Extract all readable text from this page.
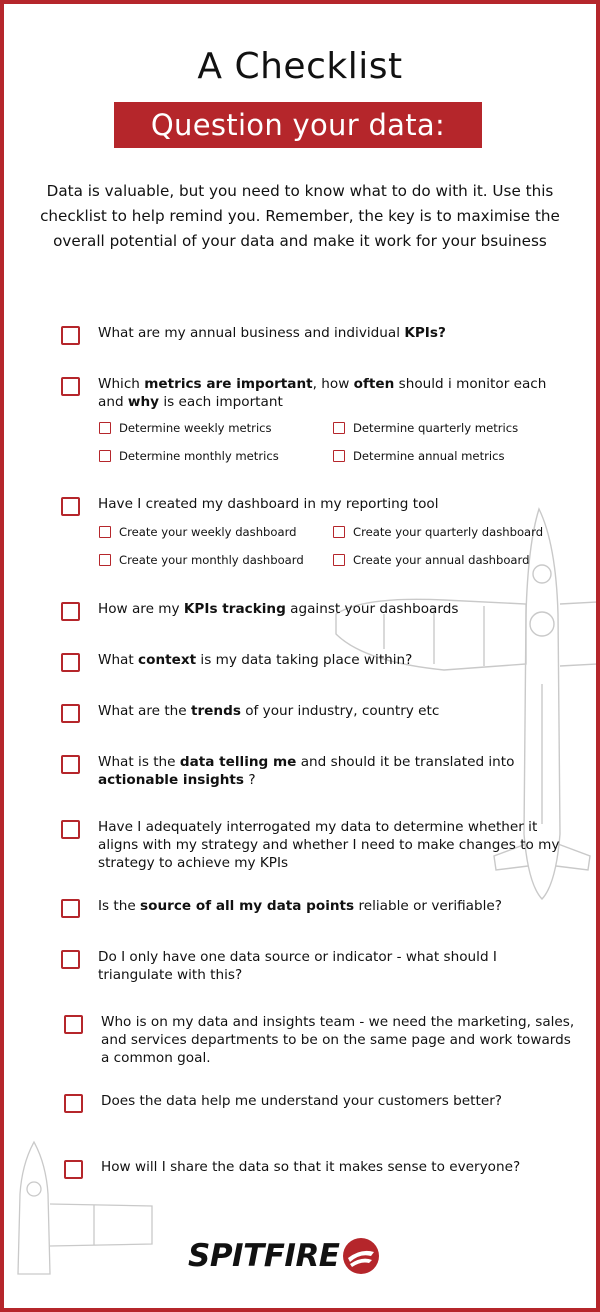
A Checklist
Question your data:
Data is valuable, but you need to know what to do with it. Use this checklist to help remind you. Remember, the key is to maximise the overall potential of your data and make it work for your bsuiness
What are my annual business and individual KPIs?
Which metrics are important, how often should i monitor each and why is each important
Have I created my dashboard in my reporting tool
How are my KPIs tracking against your dashboards
What context is my data taking place within?
What are the trends of your industry, country etc
What is the data telling me and should it be translated into actionable insights ?
Have I adequately interrogated my data to determine whether it aligns with my strategy and whether I need to make changes to my strategy to achieve my KPIs
Is the source of all my data points reliable or verifiable?
Do I only have one data source or indicator - what should I triangulate with this?
Who is on my data and insights team - we need the marketing, sales, and services departments to be on the same page and work towards a common goal.
Does the data help me understand your customers better?
How will I share the data so that it makes sense to everyone?
SPITFIRE
Determine weekly metrics	Determine quarterly metrics
Determine monthly metrics	Determine annual metrics
Create your weekly dashboard	Create your quarterly dashboard
Create your monthly dashboard	Create your annual dashboard
